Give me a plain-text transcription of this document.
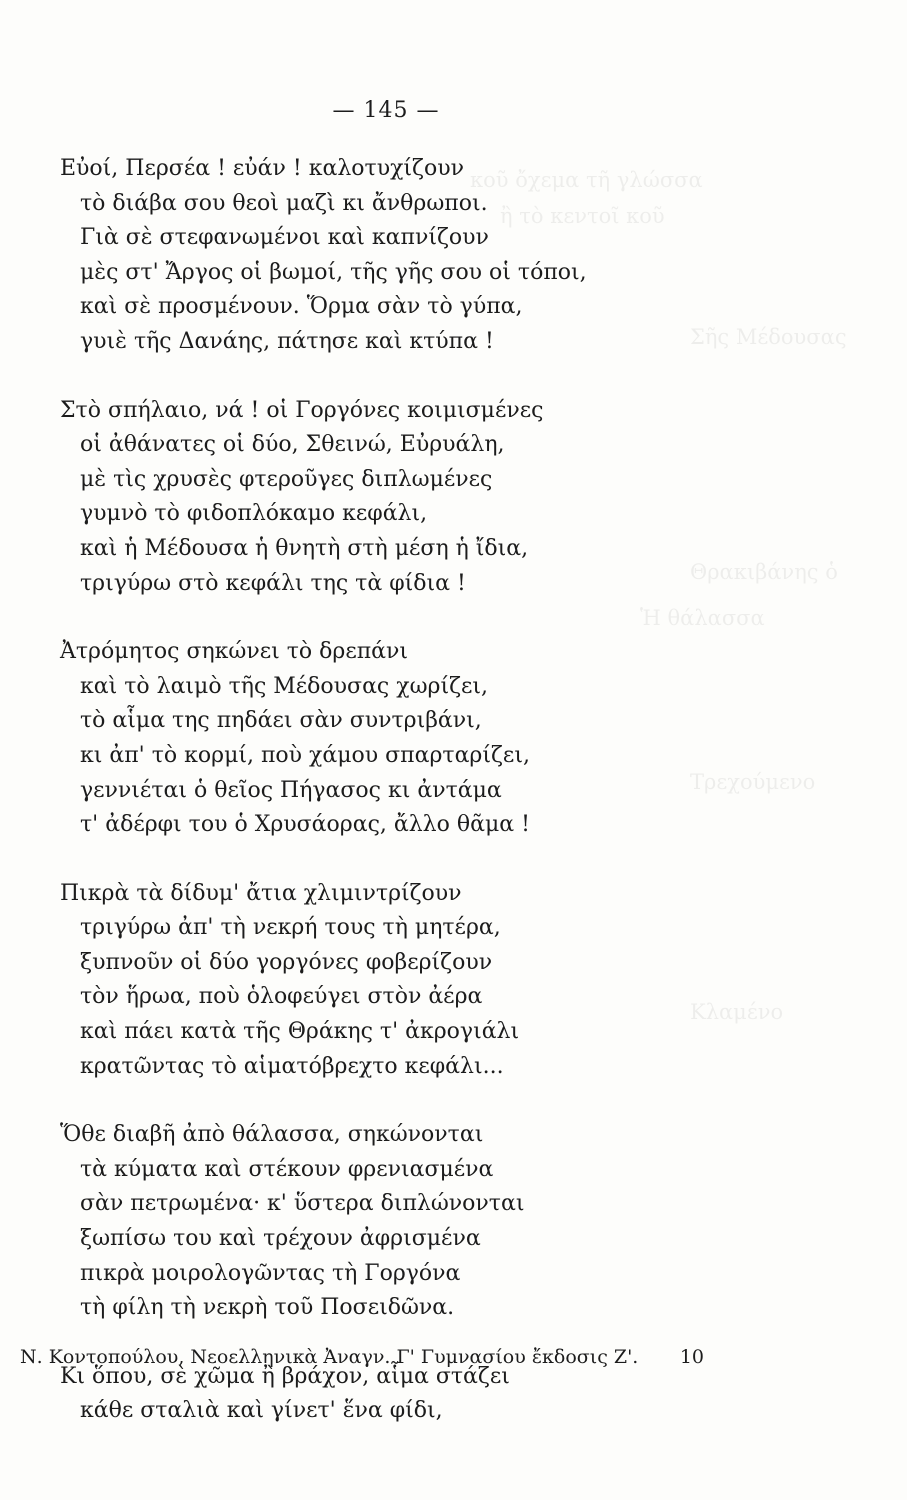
κοῦ ὄχεμα τῆ γλώσσα
ἢ τὸ κεντοῖ κοῦ
Σῆς Μέδουσας
Θρακιβάνης ὁ
Ἡ θάλασσα
Τρεχούμενο
Κλαμένο
— 145 —
Εὐοί, Περσέα ! εὐάν ! καλοτυχίζουν
τὸ διάβα σου θεοὶ μαζὶ κι ἄνθρωποι.
Γιὰ σὲ στεφανωμένοι καὶ καπνίζουν
μὲς στ' Ἄργος οἱ βωμοί, τῆς γῆς σου οἱ τόποι,
καὶ σὲ προσμένουν. Ὅρμα σὰν τὸ γύπα,
γυιὲ τῆς Δανάης, πάτησε καὶ κτύπα !
Στὸ σπήλαιο, νά ! οἱ Γοργόνες κοιμισμένες
οἱ ἀθάνατες οἱ δύο, Σθεινώ, Εὐρυάλη,
μὲ τὶς χρυσὲς φτεροῦγες διπλωμένες
γυμνὸ τὸ φιδοπλόκαμο κεφάλι,
καὶ ἡ Μέδουσα ἡ θνητὴ στὴ μέση ἡ ἴδια,
τριγύρω στὸ κεφάλι της τὰ φίδια !
Ἀτρόμητος σηκώνει τὸ δρεπάνι
καὶ τὸ λαιμὸ τῆς Μέδουσας χωρίζει,
τὸ αἷμα της πηδάει σὰν συντριβάνι,
κι ἀπ' τὸ κορμί, ποὺ χάμου σπαρταρίζει,
γεννιέται ὁ θεῖος Πήγασος κι ἀντάμα
τ' ἀδέρφι του ὁ Χρυσάορας, ἄλλο θᾶμα !
Πικρὰ τὰ δίδυμ' ἄτια χλιμιντρίζουν
τριγύρω ἀπ' τὴ νεκρή τους τὴ μητέρα,
ξυπνοῦν οἱ δύο γοργόνες φοβερίζουν
τὸν ἥρωα, ποὺ ὁλοφεύγει στὸν ἀέρα
καὶ πάει κατὰ τῆς Θράκης τ' ἀκρογιάλι
κρατῶντας τὸ αἱματόβρεχτο κεφάλι...
Ὅθε διαβῆ ἀπὸ θάλασσα, σηκώνονται
τὰ κύματα καὶ στέκουν φρενιασμένα
σὰν πετρωμένα· κ' ὕστερα διπλώνονται
ξωπίσω του καὶ τρέχουν ἀφρισμένα
πικρὰ μοιρολογῶντας τὴ Γοργόνα
τὴ φίλη τὴ νεκρὴ τοῦ Ποσειδῶνα.
Κι ὅπου, σὲ χῶμα ἢ βράχον, αἷμα στάζει
κάθε σταλιὰ καὶ γίνετ' ἕνα φίδι,
Ν. Κοντοπούλου, Νεοελληνικὰ Ἀναγν. Γ' Γυμνασίου ἔκδοσις Ζ'. 10
